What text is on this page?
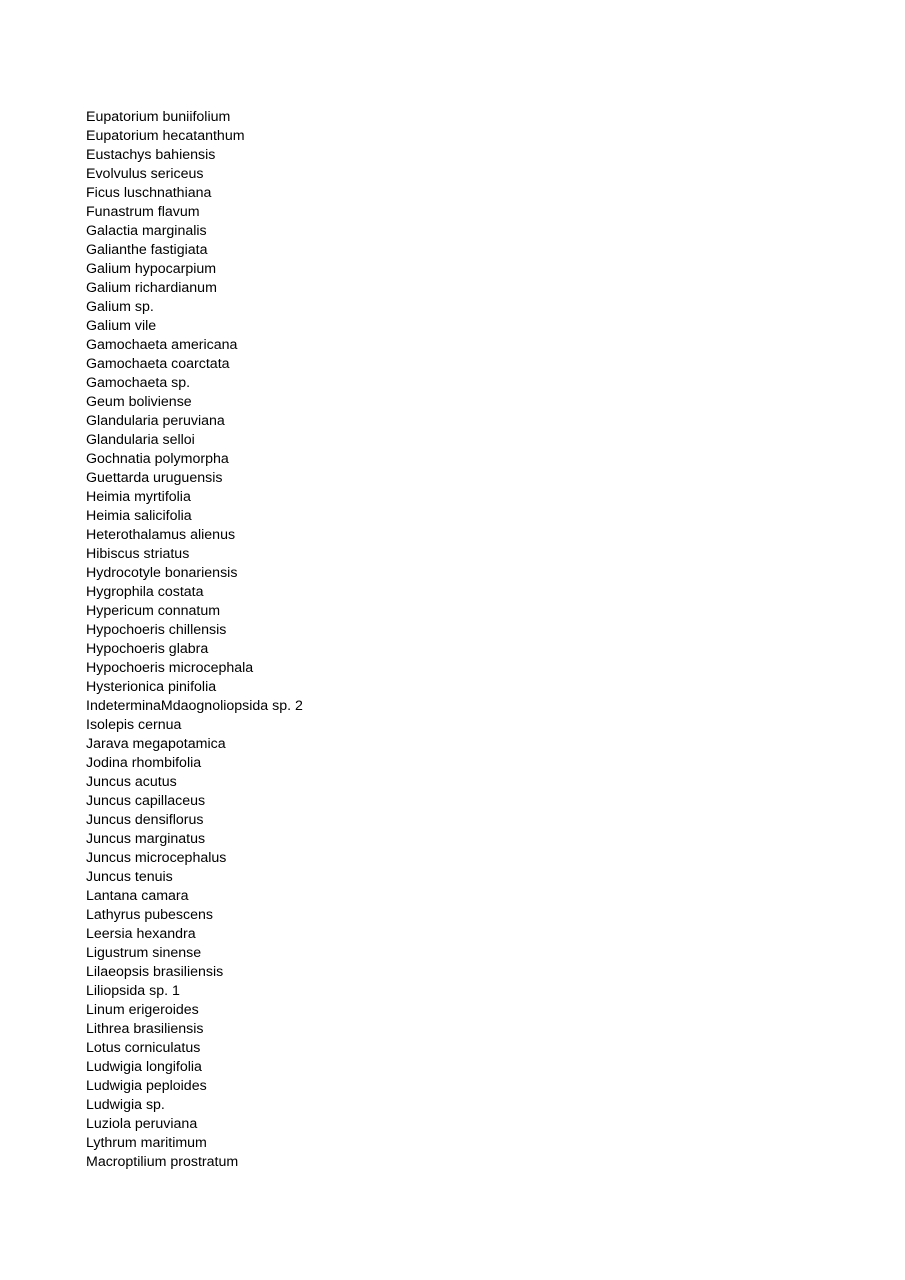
Eupatorium buniifolium
Eupatorium hecatanthum
Eustachys bahiensis
Evolvulus sericeus
Ficus luschnathiana
Funastrum flavum
Galactia marginalis
Galianthe fastigiata
Galium hypocarpium
Galium richardianum
Galium sp.
Galium vile
Gamochaeta americana
Gamochaeta coarctata
Gamochaeta sp.
Geum boliviense
Glandularia peruviana
Glandularia selloi
Gochnatia polymorpha
Guettarda uruguensis
Heimia myrtifolia
Heimia salicifolia
Heterothalamus alienus
Hibiscus striatus
Hydrocotyle bonariensis
Hygrophila costata
Hypericum connatum
Hypochoeris chillensis
Hypochoeris glabra
Hypochoeris microcephala
Hysterionica pinifolia
IndeterminaMdaognoliopsida sp. 2
Isolepis cernua
Jarava megapotamica
Jodina rhombifolia
Juncus acutus
Juncus capillaceus
Juncus densiflorus
Juncus marginatus
Juncus microcephalus
Juncus tenuis
Lantana camara
Lathyrus pubescens
Leersia hexandra
Ligustrum sinense
Lilaeopsis brasiliensis
Liliopsida sp. 1
Linum erigeroides
Lithrea brasiliensis
Lotus corniculatus
Ludwigia longifolia
Ludwigia peploides
Ludwigia sp.
Luziola peruviana
Lythrum maritimum
Macroptilium prostratum
